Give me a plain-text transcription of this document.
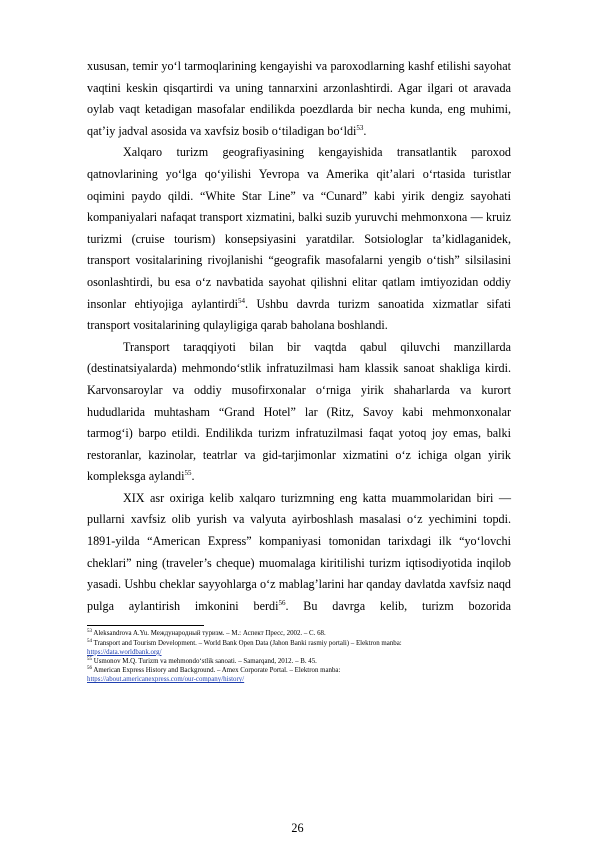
xususan, temir yo‘l tarmoqlarining kengayishi va paroxodlarning kashf etilishi sayohat vaqtini keskin qisqartirdi va uning tannarxini arzonlashtirdi. Agar ilgari ot aravada oylab vaqt ketadigan masofalar endilikda poezdlarda bir necha kunda, eng muhimi, qat’iy jadval asosida va xavfsiz bosib o‘tiladigan bo‘ldi$^{53}$.

Xalqaro turizm geografiyasining kengayishida transatlantik paroxod qatnovlarining yo‘lga qo‘yilishi Yevropa va Amerika qit’alari o‘rtasida turistlar oqimini paydo qildi. “White Star Line” va “Cunard” kabi yirik dengiz sayohati kompaniyalari nafaqat transport xizmatini, balki suzib yuruvchi mehmonxona — kruiz turizmi (cruise tourism) konsepsiyasini yaratdilar. Sotsiologlar ta’kidlaganidek, transport vositalarining rivojlanishi “geografik masofalarni yengib o‘tish” silsilasini osonlashtirdi, bu esa o‘z navbatida sayohat qilishni elitar qatlam imtiyozidan oddiy insonlar ehtiyojiga aylantirdi$^{54}$. Ushbu davrda turizm sanoatida xizmatlar sifati transport vositalarining qulayligiga qarab baholana boshlandi.

Transport taraqqiyoti bilan bir vaqtda qabul qiluvchi manzillarda (destinatsiyalarda) mehmondo‘stlik infratuzilmasi ham klassik sanoat shakliga kirdi. Karvonsaroylar va oddiy musofirxonalar o‘rniga yirik shaharlarda va kurort hududlarida muhtasham “Grand Hotel” lar (Ritz, Savoy kabi mehmonxonalar tarmog‘i) barpo etildi. Endilikda turizm infratuzilmasi faqat yotoq joy emas, balki restoranlar, kazinolar, teatrlar va gid-tarjimonlar xizmatini o‘z ichiga olgan yirik kompleksga aylandi$^{55}$.

XIX asr oxiriga kelib xalqaro turizmning eng katta muammolaridan biri — pullarni xavfsiz olib yurish va valyuta ayirboshlash masalasi o‘z yechimini topdi. 1891-yilda “American Express” kompaniyasi tomonidan tarixdagi ilk “yo‘lovchi cheklari” ning (traveler’s cheque) muomalaga kiritilishi turizm iqtisodiyotida inqilob yasadi. Ushbu cheklar sayyohlarga o‘z mablag’larini har qanday davlatda xavfsiz naqd pulga aylantirish imkonini berdi$^{56}$. Bu davrga kelib, turizm bozorida

$^{53}$ Aleksandrova A.Yu. Международный туризм. – M.: Аспект Пресс, 2002. – С. 68.

$^{54}$ Transport and Tourism Development. – World Bank Open Data (Jahon Banki rasmiy portali) – Elektron manba:

https://data.worldbank.org/

$^{55}$ Usmonov M.Q. Turizm va mehmondo‘stlik sanoati. – Samarqand, 2012. – B. 45.

$^{56}$ American Express History and Background. – Amex Corporate Portal. – Elektron manba:

https://about.americanexpress.com/our-company/history/

26
